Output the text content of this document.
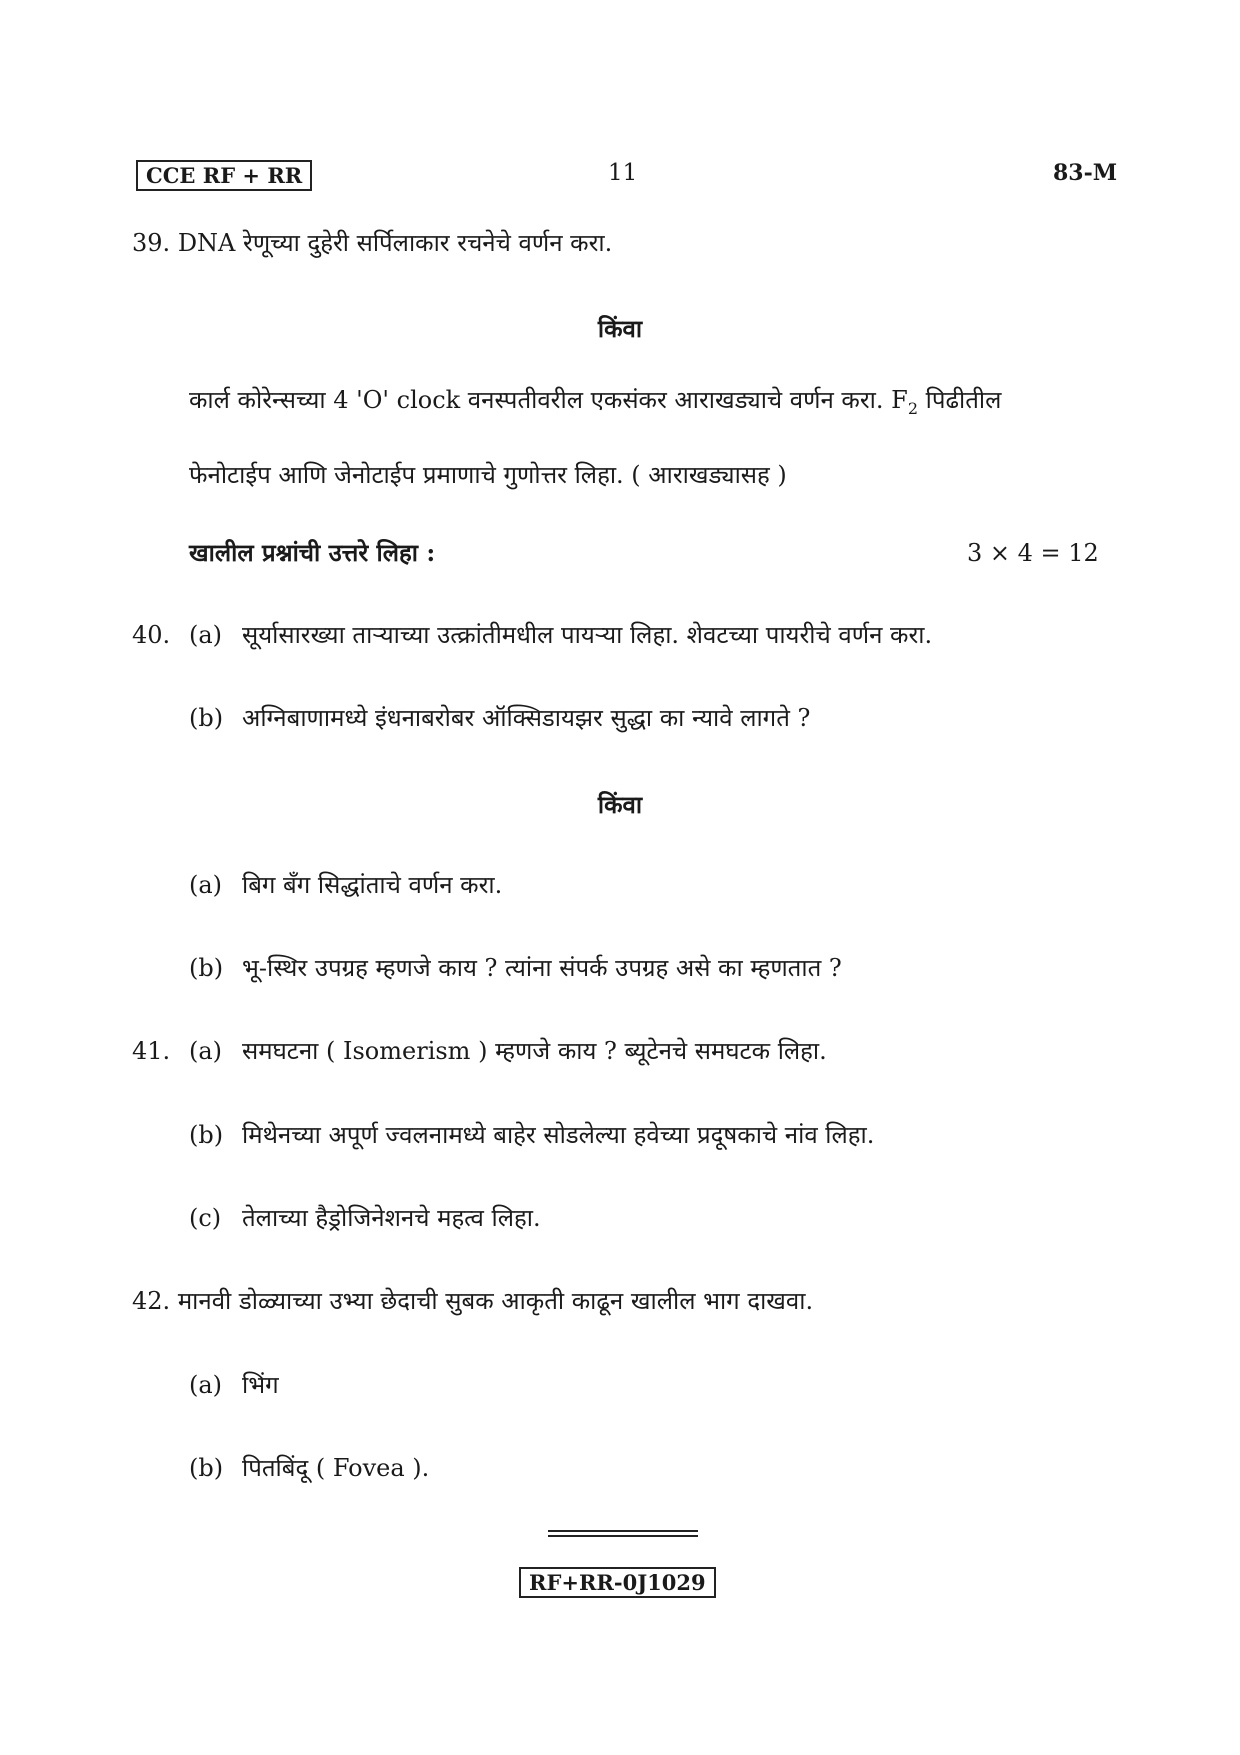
CCE RF + RR	11	83-M
39. DNA रेणूच्या दुहेरी सर्पिलाकार रचनेचे वर्णन करा.
किंवा
कार्ल कोरेन्सच्या 4 'O' clock वनस्पतीवरील एकसंकर आराखड्याचे वर्णन करा. $F_2$ पिढीतील
फेनोटाईप आणि जेनोटाईप प्रमाणाचे गुणोत्तर लिहा. ( आराखड्यासह )
खालील प्रश्नांची उत्तरे लिहा :	3 × 4 = 12
40. (a) सूर्यासारख्या ताऱ्याच्या उत्क्रांतीमधील पायऱ्या लिहा. शेवटच्या पायरीचे वर्णन करा.
(b) अग्निबाणामध्ये इंधनाबरोबर ऑक्सिडायझर सुद्धा का न्यावे लागते ?
किंवा
(a) बिग बँग सिद्धांताचे वर्णन करा.
(b) भू-स्थिर उपग्रह म्हणजे काय ? त्यांना संपर्क उपग्रह असे का म्हणतात ?
41. (a) समघटना ( Isomerism ) म्हणजे काय ? ब्यूटेनचे समघटक लिहा.
(b) मिथेनच्या अपूर्ण ज्वलनामध्ये बाहेर सोडलेल्या हवेच्या प्रदूषकाचे नांव लिहा.
(c) तेलाच्या हैड्रोजिनेशनचे महत्व लिहा.
42. मानवी डोळ्याच्या उभ्या छेदाची सुबक आकृती काढून खालील भाग दाखवा.
(a) भिंग
(b) पितबिंदू ( Fovea ).
RF+RR-0J1029
